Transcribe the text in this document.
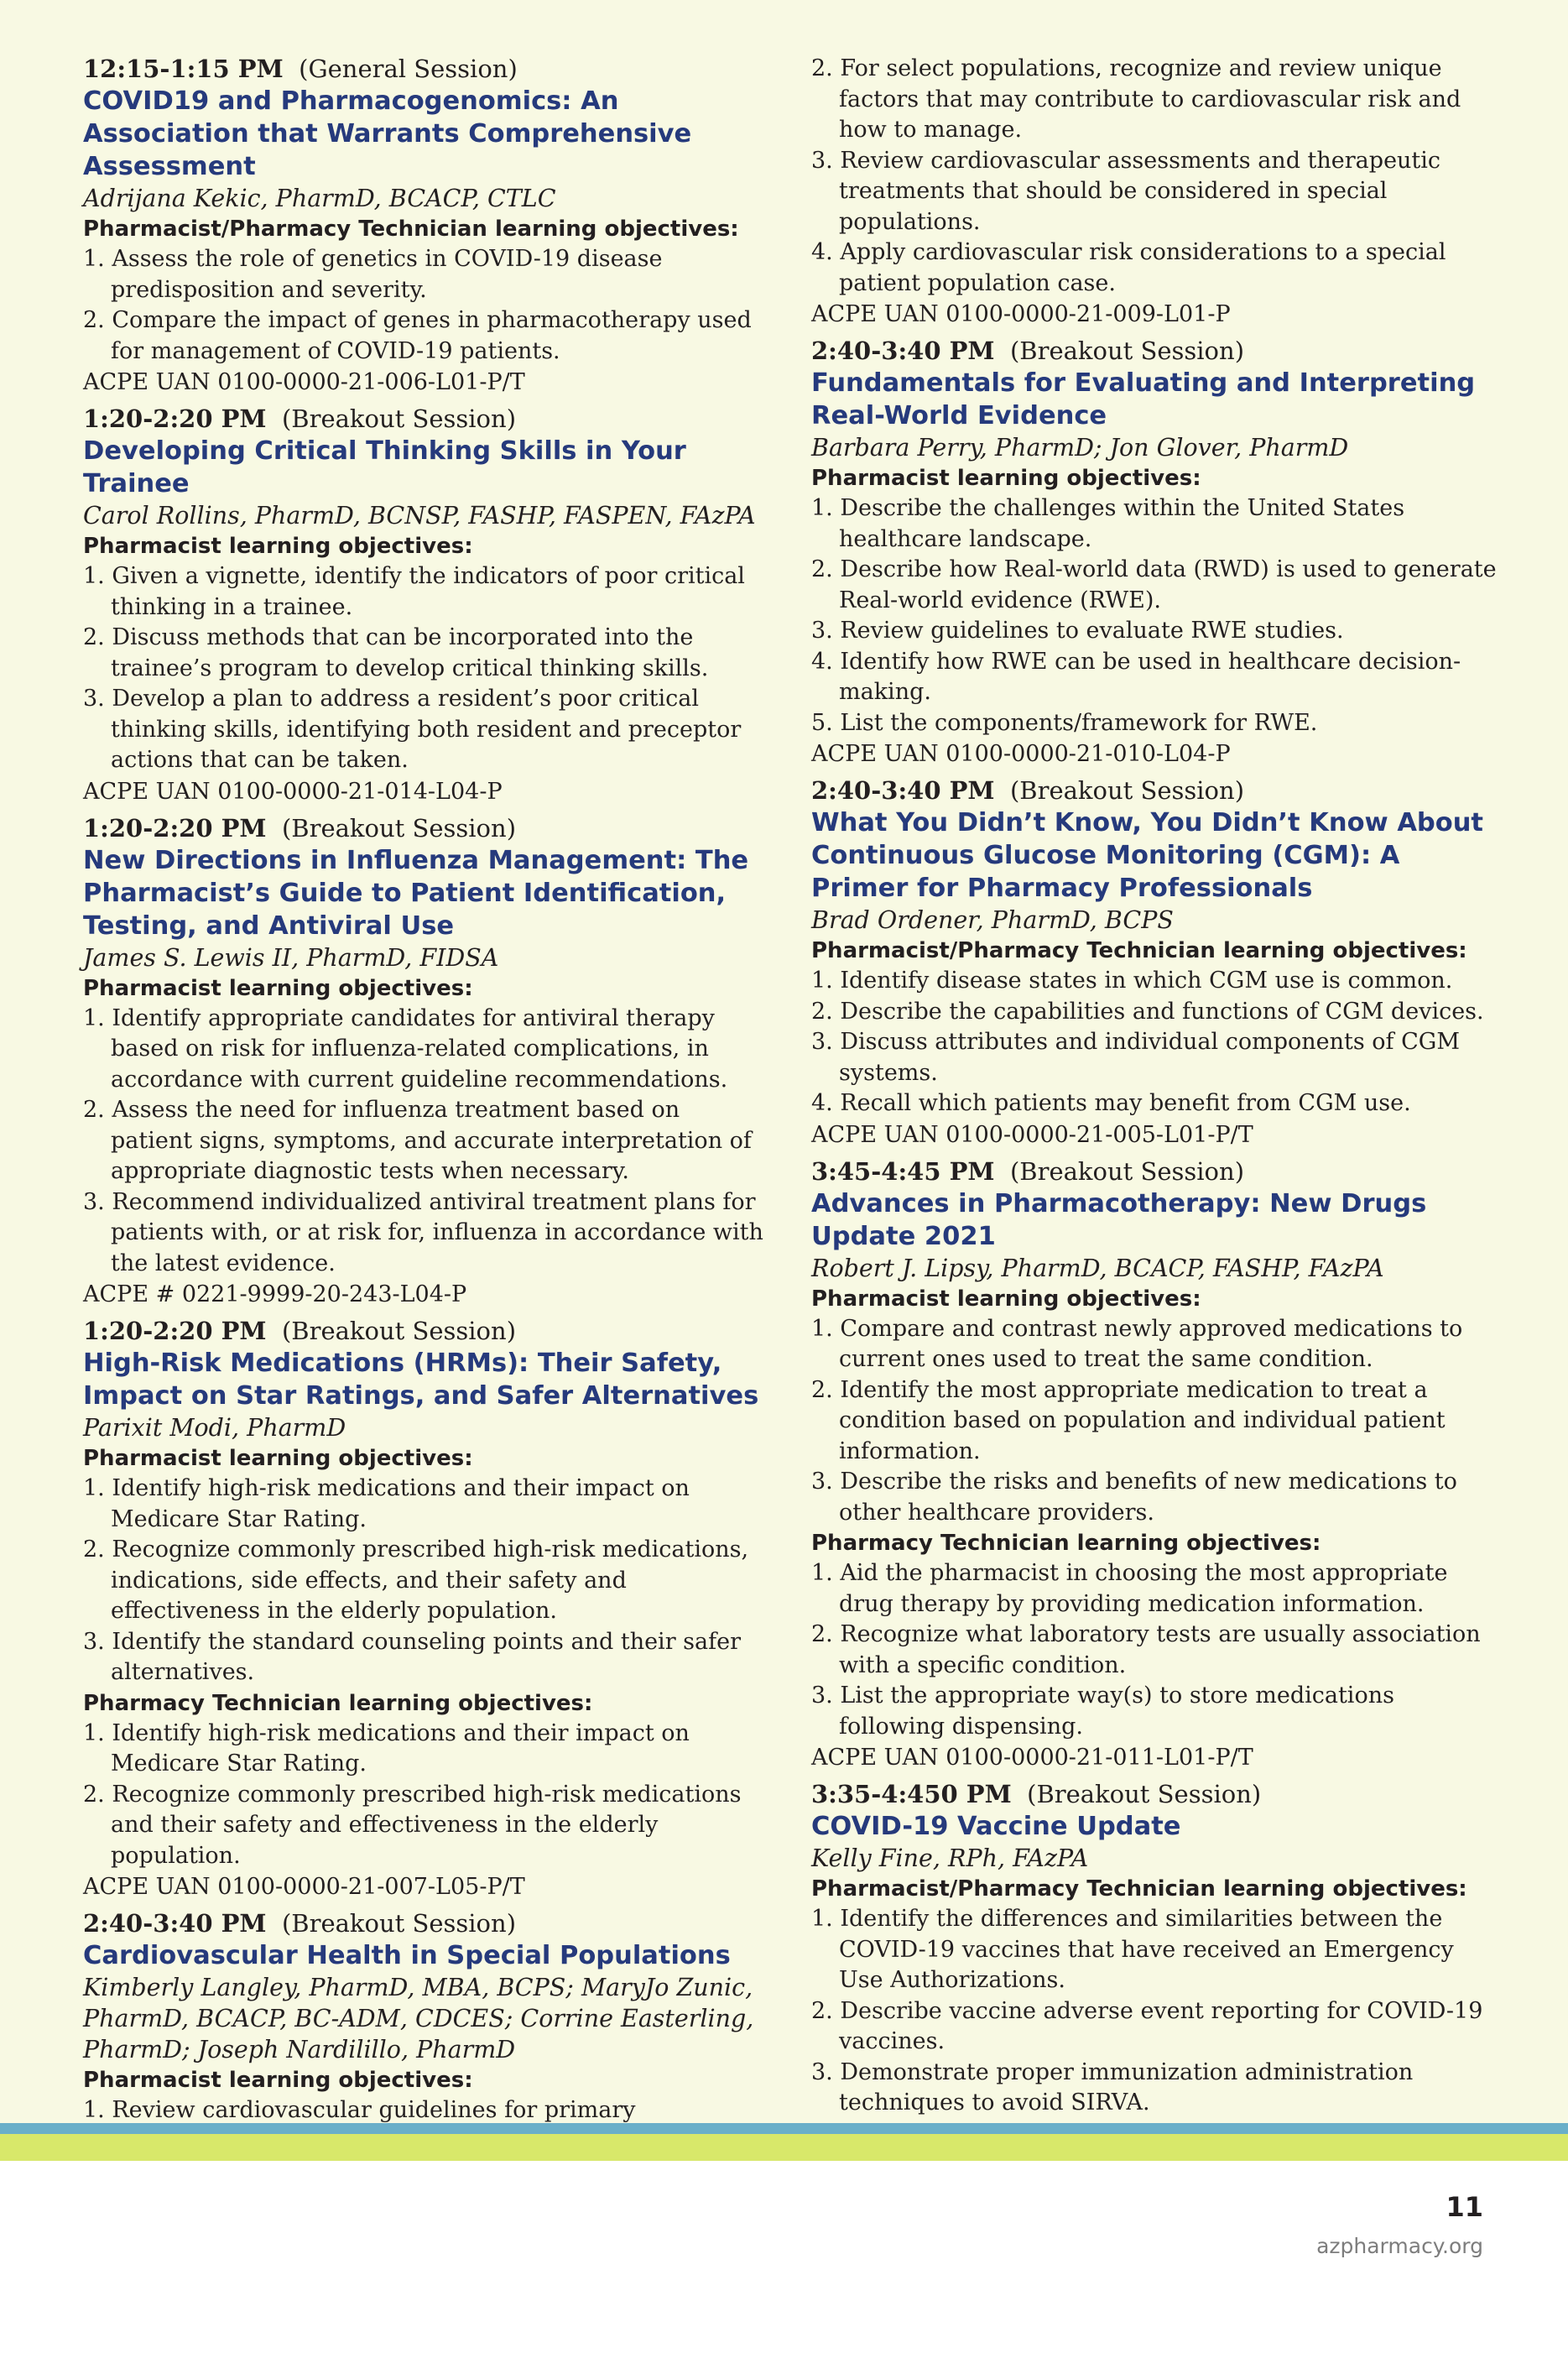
12:15-1:15 PM (General Session)
COVID19 and Pharmacogenomics: An Association that Warrants Comprehensive Assessment
Adrijana Kekic, PharmD, BCACP, CTLC
Pharmacist/Pharmacy Technician learning objectives:
1. Assess the role of genetics in COVID-19 disease predisposition and severity.
2. Compare the impact of genes in pharmacotherapy used for management of COVID-19 patients.
ACPE UAN 0100-0000-21-006-L01-P/T
1:20-2:20 PM (Breakout Session)
Developing Critical Thinking Skills in Your Trainee
Carol Rollins, PharmD, BCNSP, FASHP, FASPEN, FAzPA
Pharmacist learning objectives:
1. Given a vignette, identify the indicators of poor critical thinking in a trainee.
2. Discuss methods that can be incorporated into the trainee’s program to develop critical thinking skills.
3. Develop a plan to address a resident’s poor critical thinking skills, identifying both resident and preceptor actions that can be taken.
ACPE UAN 0100-0000-21-014-L04-P
1:20-2:20 PM (Breakout Session)
New Directions in Influenza Management: The Pharmacist’s Guide to Patient Identification, Testing, and Antiviral Use
James S. Lewis II, PharmD, FIDSA
Pharmacist learning objectives:
1. Identify appropriate candidates for antiviral therapy based on risk for influenza-related complications, in accordance with current guideline recommendations.
2. Assess the need for influenza treatment based on patient signs, symptoms, and accurate interpretation of appropriate diagnostic tests when necessary.
3. Recommend individualized antiviral treatment plans for patients with, or at risk for, influenza in accordance with the latest evidence.
ACPE # 0221-9999-20-243-L04-P
1:20-2:20 PM (Breakout Session)
High-Risk Medications (HRMs): Their Safety, Impact on Star Ratings, and Safer Alternatives
Parixit Modi, PharmD
Pharmacist learning objectives:
1. Identify high-risk medications and their impact on Medicare Star Rating.
2. Recognize commonly prescribed high-risk medications, indications, side effects, and their safety and effectiveness in the elderly population.
3. Identify the standard counseling points and their safer alternatives.
Pharmacy Technician learning objectives:
1. Identify high-risk medications and their impact on Medicare Star Rating.
2. Recognize commonly prescribed high-risk medications and their safety and effectiveness in the elderly population.
ACPE UAN 0100-0000-21-007-L05-P/T
2:40-3:40 PM (Breakout Session)
Cardiovascular Health in Special Populations
Kimberly Langley, PharmD, MBA, BCPS; MaryJo Zunic, PharmD, BCACP, BC-ADM, CDCES; Corrine Easterling, PharmD; Joseph Nardilillo, PharmD
Pharmacist learning objectives:
1. Review cardiovascular guidelines for primary
2. For select populations, recognize and review unique factors that may contribute to cardiovascular risk and how to manage.
3. Review cardiovascular assessments and therapeutic treatments that should be considered in special populations.
4. Apply cardiovascular risk considerations to a special patient population case.
ACPE UAN 0100-0000-21-009-L01-P
2:40-3:40 PM (Breakout Session)
Fundamentals for Evaluating and Interpreting Real-World Evidence
Barbara Perry, PharmD; Jon Glover, PharmD
Pharmacist learning objectives:
1. Describe the challenges within the United States healthcare landscape.
2. Describe how Real-world data (RWD) is used to generate Real-world evidence (RWE).
3. Review guidelines to evaluate RWE studies.
4. Identify how RWE can be used in healthcare decision-making.
5. List the components/framework for RWE.
ACPE UAN 0100-0000-21-010-L04-P
2:40-3:40 PM (Breakout Session)
What You Didn’t Know, You Didn’t Know About Continuous Glucose Monitoring (CGM): A Primer for Pharmacy Professionals
Brad Ordener, PharmD, BCPS
Pharmacist/Pharmacy Technician learning objectives:
1. Identify disease states in which CGM use is common.
2. Describe the capabilities and functions of CGM devices.
3. Discuss attributes and individual components of CGM systems.
4. Recall which patients may benefit from CGM use.
ACPE UAN 0100-0000-21-005-L01-P/T
3:45-4:45 PM (Breakout Session)
Advances in Pharmacotherapy: New Drugs Update 2021
Robert J. Lipsy, PharmD, BCACP, FASHP, FAzPA
Pharmacist learning objectives:
1. Compare and contrast newly approved medications to current ones used to treat the same condition.
2. Identify the most appropriate medication to treat a condition based on population and individual patient information.
3. Describe the risks and benefits of new medications to other healthcare providers.
Pharmacy Technician learning objectives:
1. Aid the pharmacist in choosing the most appropriate drug therapy by providing medication information.
2. Recognize what laboratory tests are usually association with a specific condition.
3. List the appropriate way(s) to store medications following dispensing.
ACPE UAN 0100-0000-21-011-L01-P/T
3:35-4:450 PM (Breakout Session)
COVID-19 Vaccine Update
Kelly Fine, RPh, FAzPA
Pharmacist/Pharmacy Technician learning objectives:
1. Identify the differences and similarities between the COVID-19 vaccines that have received an Emergency Use Authorizations.
2. Describe vaccine adverse event reporting for COVID-19 vaccines.
3. Demonstrate proper immunization administration techniques to avoid SIRVA.
11
azpharmacy.org
